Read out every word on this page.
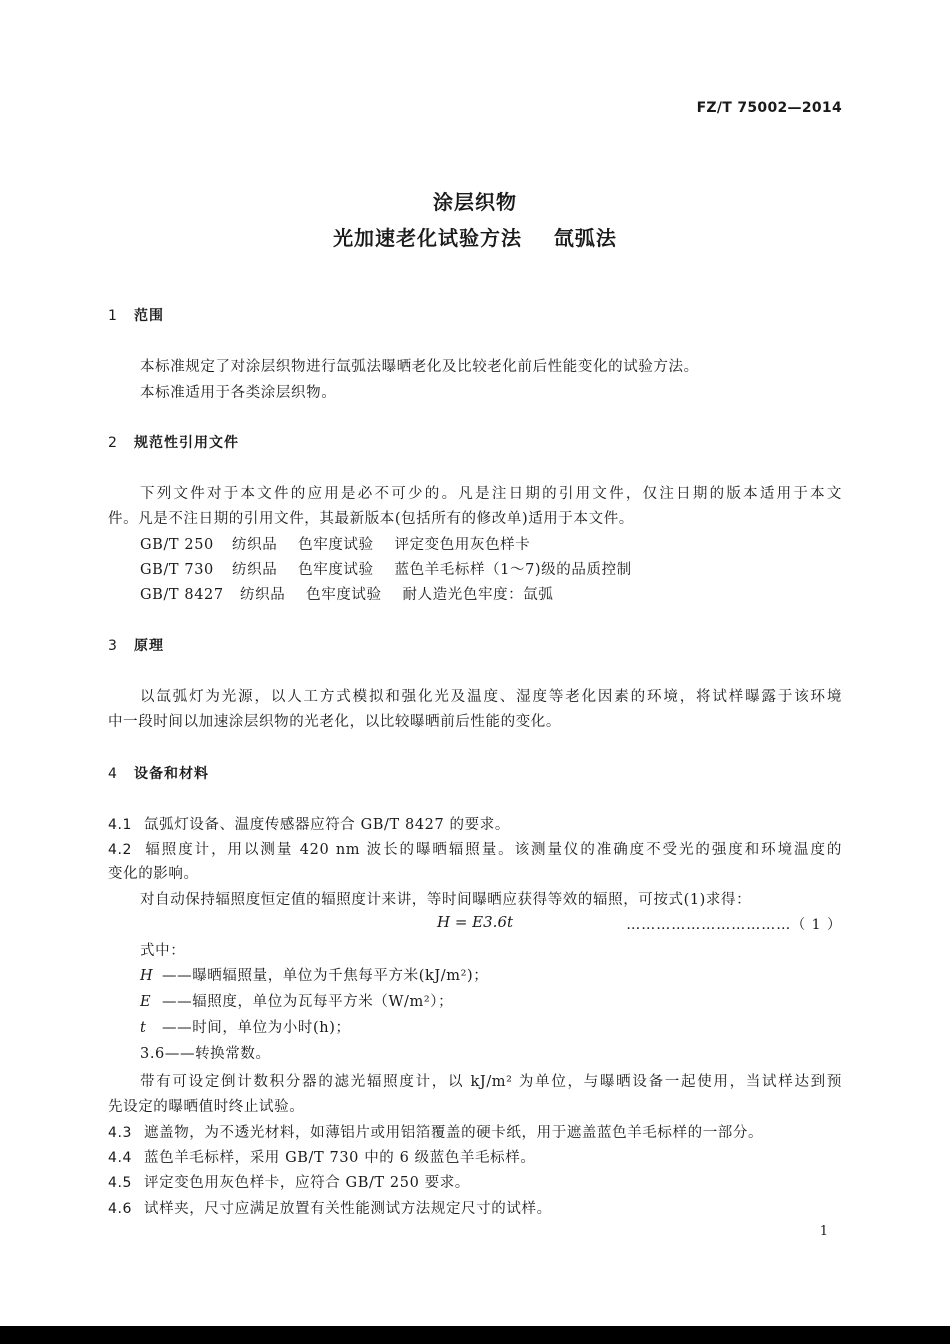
FZ/T 75002—2014
涂层织物
光加速老化试验方法    氙弧法
1 范围
本标准规定了对涂层织物进行氙弧法曝晒老化及比较老化前后性能变化的试验方法。
本标准适用于各类涂层织物。
2 规范性引用文件
下列文件对于本文件的应用是必不可少的。凡是注日期的引用文件，仅注日期的版本适用于本文
件。凡是不注日期的引用文件，其最新版本(包括所有的修改单)适用于本文件。
GB/T 250 纺织品    色牢度试验    评定变色用灰色样卡
GB/T 730 纺织品    色牢度试验    蓝色羊毛标样（1～7)级的品质控制
GB/T 8427 纺织品    色牢度试验    耐人造光色牢度：氙弧
3 原理
以氙弧灯为光源，以人工方式模拟和强化光及温度、湿度等老化因素的环境，将试样曝露于该环境
中一段时间以加速涂层织物的光老化，以比较曝晒前后性能的变化。
4 设备和材料
4.1 氙弧灯设备、温度传感器应符合 GB/T 8427 的要求。
4.2 辐照度计，用以测量 420 nm 波长的曝晒辐照量。该测量仪的准确度不受光的强度和环境温度的
变化的影响。
对自动保持辐照度恒定值的辐照度计来讲，等时间曝晒应获得等效的辐照，可按式(1)求得：
H = E3.6t	……………………………（ 1 ）
式中：
H ——曝晒辐照量，单位为千焦每平方米(kJ/m²)；
E ——辐照度，单位为瓦每平方米（W/m²）；
t ——时间，单位为小时(h)；
3.6——转换常数。
带有可设定倒计数积分器的滤光辐照度计，以 kJ/m² 为单位，与曝晒设备一起使用，当试样达到预
先设定的曝晒值时终止试验。
4.3 遮盖物，为不透光材料，如薄铝片或用铝箔覆盖的硬卡纸，用于遮盖蓝色羊毛标样的一部分。
4.4 蓝色羊毛标样，采用 GB/T 730 中的 6 级蓝色羊毛标样。
4.5 评定变色用灰色样卡，应符合 GB/T 250 要求。
4.6 试样夹，尺寸应满足放置有关性能测试方法规定尺寸的试样。
1
